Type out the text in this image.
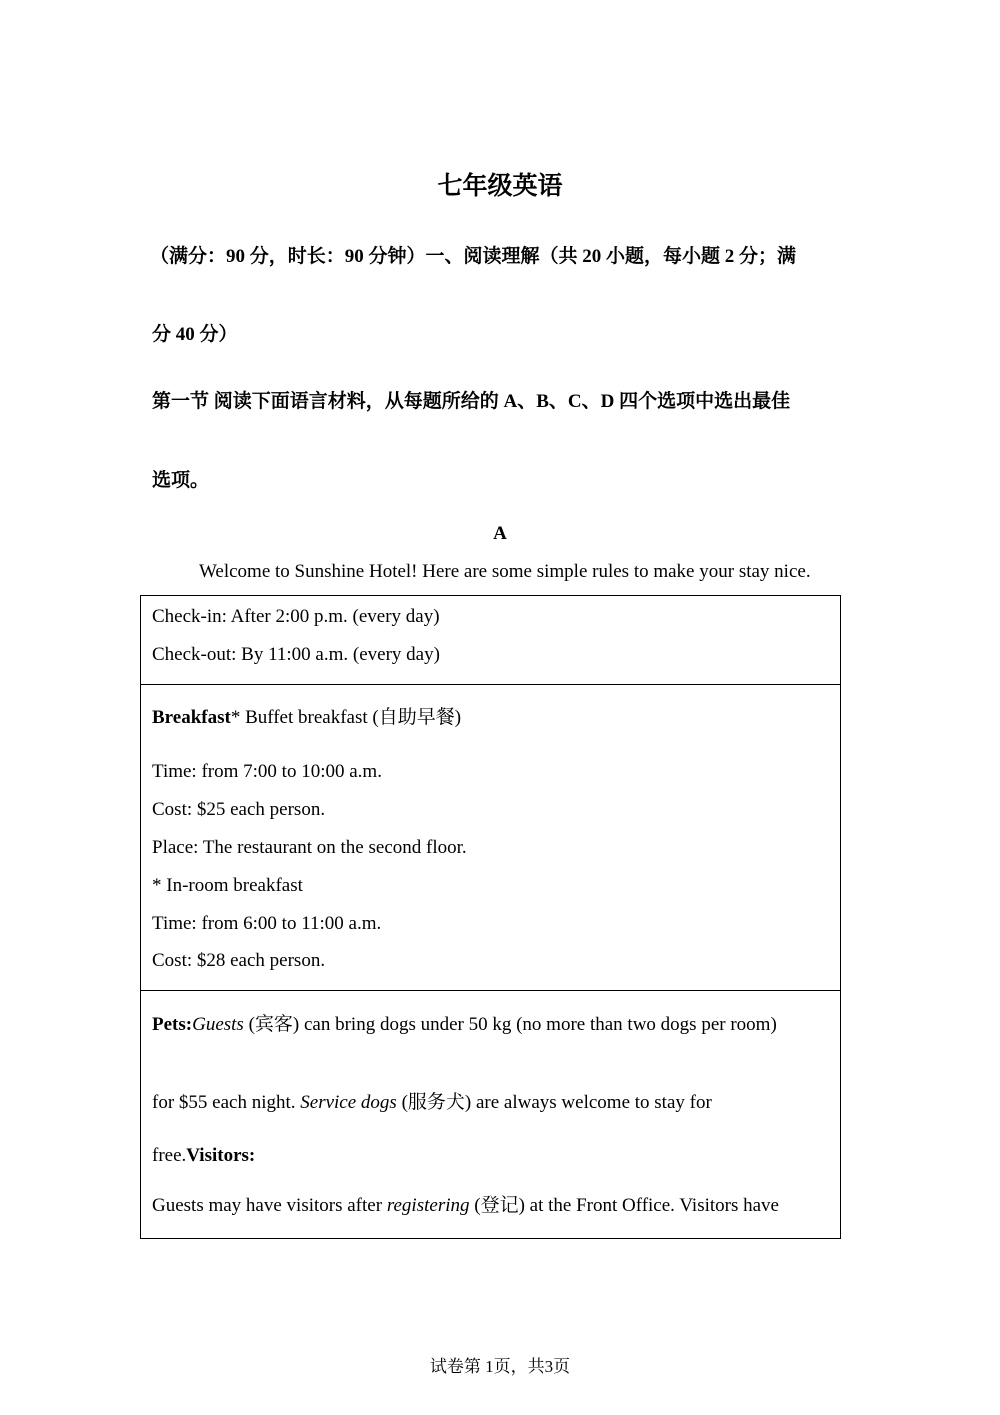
七年级英语
（满分：90 分，时长：90 分钟）一、阅读理解（共 20 小题，每小题 2 分；满
分 40 分）
第一节 阅读下面语言材料，从每题所给的 A、B、C、D 四个选项中选出最佳
选项。
A
Welcome to Sunshine Hotel! Here are some simple rules to make your stay nice.
Check-in: After 2:00 p.m. (every day)
Check-out: By 11:00 a.m. (every day)
Breakfast* Buffet breakfast (自助早餐)
Time: from 7:00 to 10:00 a.m.
Cost: $25 each person.
Place: The restaurant on the second floor.
* In-room breakfast
Time: from 6:00 to 11:00 a.m.
Cost: $28 each person.
Pets:Guests (宾客) can bring dogs under 50 kg (no more than two dogs per room)
for $55 each night. Service dogs (服务犬) are always welcome to stay for
free.Visitors:
Guests may have visitors after registering (登记) at the Front Office. Visitors have
试卷第 1页，共3页
